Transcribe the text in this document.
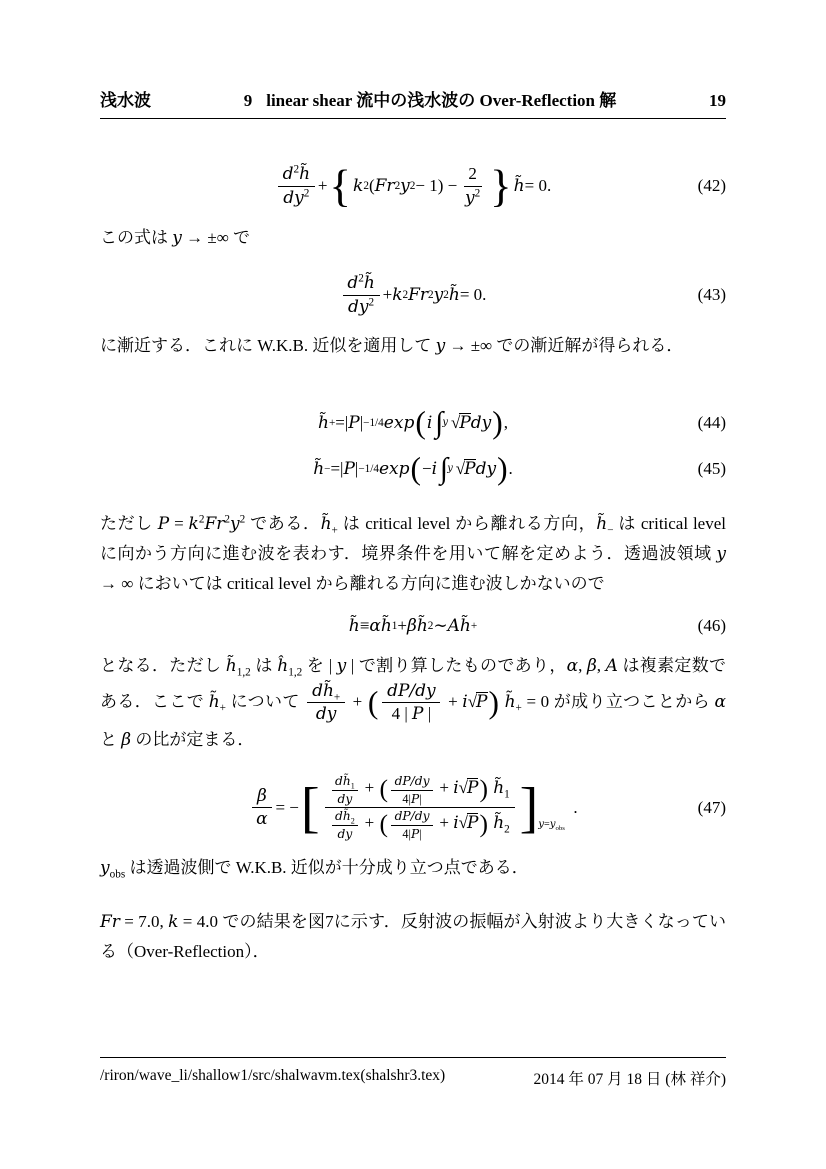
浅水波	9 linear shear 流中の浅水波の Over-Reflection 解	19
$d^2h̃$
$dy^2$ + { k 2 ( Fr 2 y 2 − 1) −
2
$y^2$ } h̃ = 0.	(42)

この式は y → ±∞ で

$d^2h̃$
$dy^2 + k$ 2 Fr 2 y 2 h̃ = 0.	(43)

に漸近する．これに W.K.B. 近似を適用して y → ±∞ での漸近解が得られる．

h̃ + =| P | −1/4 exp ( i ∫ y √ P dy ) ,	(44)
h̃ − =| P | −1/4 exp ( − i ∫ y √ P dy ) .	(45)

ただし $P = k^2Fr^2y^2$ である．$h̃_+$ は critical level から離れる方向，$h̃_-$ は critical level に向かう方向に進む波を表わす．境界条件を用いて解を定めよう．透過波領域 y → ∞ においては critical level から離れる方向に進む波しかないので

h̃ ≡ αh̃ 1 + βh̃ 2 ∼ Ah̃ +	(46)

となる．ただし $h̃_{1,2}$ は $ĥ_{1,2}$ を | y | で割り算したものであり，α, β, A は複素定数である．ここで $h̃_+$ について $\frac{dh̃_+}{dy}$ + ( $\frac{dP/dy}{4 | P |} + i√P$) $h̃_+ = 0$ が成り立つことから α と β の比が定まる．

β
α
= − [ $\frac{dh̃_1}{dy}$ + ( $\frac{dP/dy}{4|P|} + i√P$) $h̃_1$
$\frac{dh̃_2}{dy}$ + ( $\frac{dP/dy}{4|P|} + i√P$) $h̃_2$ ] $_{y=y_{obs}}$
.	(47)

$y_{obs}$ は透過波側で W.K.B. 近似が十分成り立つ点である．

Fr = 7.0, k = 4.0 での結果を図7に示す．反射波の振幅が入射波より大きくなっている（Over-Reflection）．

/riron/wave_li/shallow1/src/shalwavm.tex(shalshr3.tex)	2014 年 07 月 18 日 (林 祥介)
